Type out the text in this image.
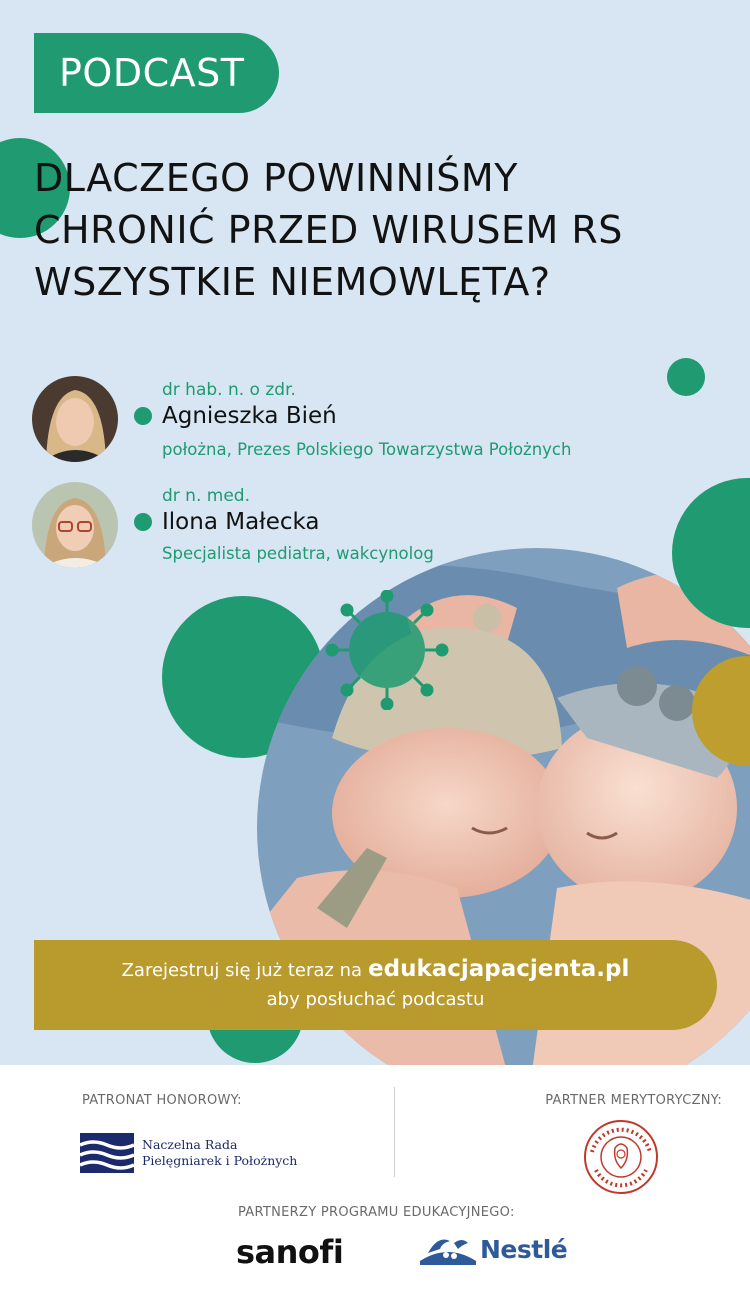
PODCAST
DLACZEGO POWINNIŚMY
CHRONIĆ PRZED WIRUSEM RS
WSZYSTKIE NIEMOWLĘTA?
dr hab. n. o zdr.
Agnieszka Bień
położna, Prezes Polskiego Towarzystwa Położnych
dr n. med.
Ilona Małecka
Specjalista pediatra, wakcynolog
Zarejestruj się już teraz na edukacjapacjenta.pl
aby posłuchać podcastu
PATRONAT HONOROWY:	PARTNER MERYTORYCZNY:
Naczelna Rada
Pielęgniarek i Położnych
PARTNERZY PROGRAMU EDUKACYJNEGO:
sanofi	Nestlé
